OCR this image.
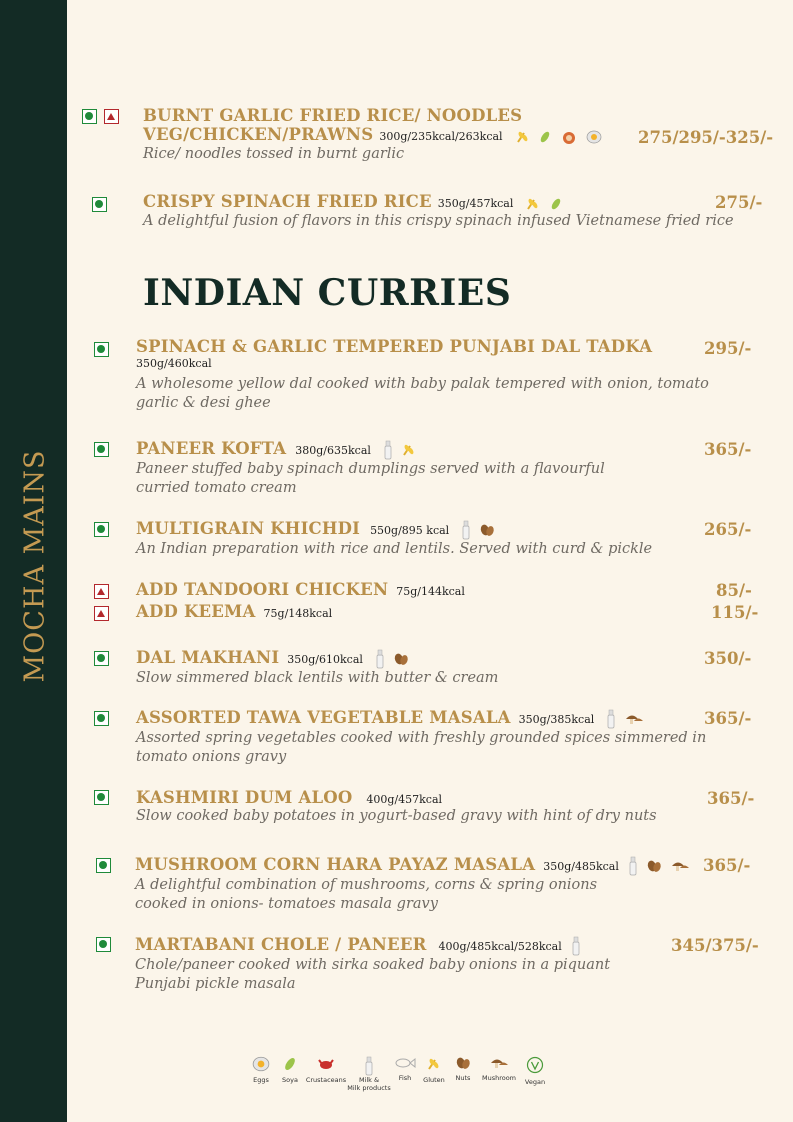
MOCHA MAINS
BURNT GARLIC FRIED RICE/ NOODLES
VEG/CHICKEN/PRAWNS 300g/235kcal/263kcal
Rice/ noodles tossed in burnt garlic
275/295/-325/-
CRISPY SPINACH FRIED RICE 350g/457kcal
A delightful fusion of flavors in this crispy spinach infused Vietnamese fried rice
275/-
INDIAN CURRIES
SPINACH & GARLIC TEMPERED PUNJABI DAL TADKA
350g/460kcal
A wholesome yellow dal cooked with baby palak tempered with onion, tomato
garlic & desi ghee
295/-
PANEER KOFTA 380g/635kcal
Paneer stuffed baby spinach dumplings served with a flavourful
curried tomato cream
365/-
MULTIGRAIN KHICHDI 550g/895 kcal
An Indian preparation with rice and lentils. Served with curd & pickle
265/-
ADD TANDOORI CHICKEN 75g/144kcal	85/-
ADD KEEMA 75g/148kcal	115/-
DAL MAKHANI 350g/610kcal
Slow simmered black lentils with butter & cream
350/-
ASSORTED TAWA VEGETABLE MASALA 350g/385kcal
Assorted spring vegetables cooked with freshly grounded spices simmered in
tomato onions gravy
365/-
KASHMIRI DUM ALOO 400g/457kcal
Slow cooked baby potatoes in yogurt-based gravy with hint of dry nuts
365/-
MUSHROOM CORN HARA PAYAZ MASALA 350g/485kcal
A delightful combination of mushrooms, corns & spring onions
cooked in onions- tomatoes masala gravy
365/-
MARTABANI CHOLE / PANEER 400g/485kcal/528kcal
Chole/paneer cooked with sirka soaked baby onions in a piquant
Punjabi pickle masala
345/375/-
Eggs Soya Crustaceans Milk &
Milk products
Fish Gluten Nuts Mushroom Vegan
